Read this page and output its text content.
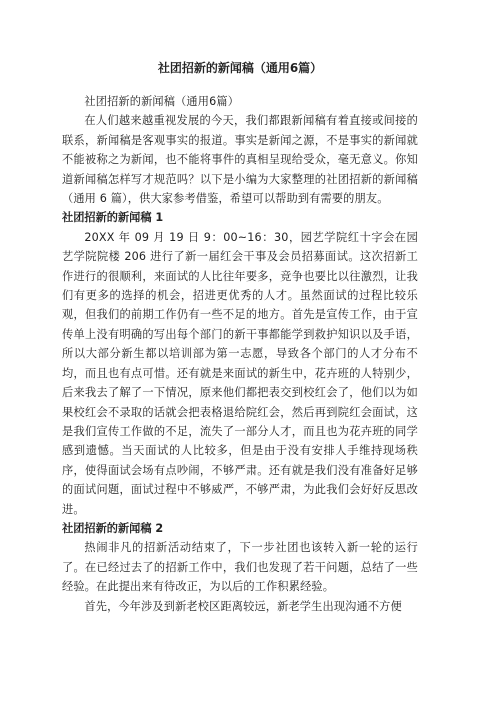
社团招新的新闻稿（通用6篇）

社团招新的新闻稿（通用6篇）

在人们越来越重视发展的今天，我们都跟新闻稿有着直接或间接的联系，新闻稿是客观事实的报道。事实是新闻之源，不是事实的新闻就不能被称之为新闻，也不能将事件的真相呈现给受众，毫无意义。你知道新闻稿怎样写才规范吗？以下是小编为大家整理的社团招新的新闻稿（通用 6 篇），供大家参考借鉴，希望可以帮助到有需要的朋友。

社团招新的新闻稿 1

20XX 年 09 月 19 日 9：00~16：30，园艺学院红十字会在园艺学院院楼 206 进行了新一届红会干事及会员招募面试。这次招新工作进行的很顺利，来面试的人比往年要多，竞争也要比以往激烈，让我们有更多的选择的机会，招进更优秀的人才。虽然面试的过程比较乐观，但我们的前期工作仍有一些不足的地方。首先是宣传工作，由于宣传单上没有明确的写出每个部门的新干事都能学到救护知识以及手语，所以大部分新生都以培训部为第一志愿，导致各个部门的人才分布不均，而且也有点可惜。还有就是来面试的新生中，花卉班的人特别少，后来我去了解了一下情况，原来他们都把表交到校红会了，他们以为如果校红会不录取的话就会把表格退给院红会，然后再到院红会面试，这是我们宣传工作做的不足，流失了一部分人才，而且也为花卉班的同学感到遗憾。当天面试的人比较多，但是由于没有安排人手维持现场秩序，使得面试会场有点吵闹，不够严肃。还有就是我们没有准备好足够的面试问题，面试过程中不够威严，不够严肃，为此我们会好好反思改进。

社团招新的新闻稿 2

热闹非凡的招新活动结束了，下一步社团也该转入新一轮的运行了。在已经过去了的招新工作中，我们也发现了若干问题，总结了一些经验。在此提出来有待改正，为以后的工作积累经验。

首先，今年涉及到新老校区距离较远，新老学生出现沟通不方便
